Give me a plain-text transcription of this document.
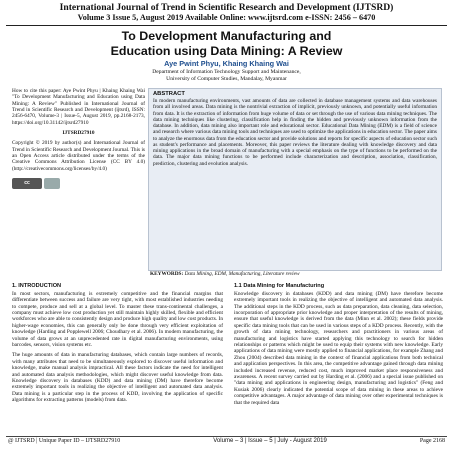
International Journal of Trend in Scientific Research and Development (IJTSRD)
Volume 3 Issue 5, August 2019 Available Online: www.ijtsrd.com e-ISSN: 2456 – 6470
To Development Manufacturing and
Education using Data Mining: A Review
Aye Pwint Phyu, Khaing Khaing Wai
Department of Information Technology Support and Maintenance,
University of Computer Studies, Mandalay, Myanmar

How to cite this paper: Aye Pwint Phyu | Khaing Khaing Wai "To Development Manufacturing and Education using Data Mining: A Review" Published in International Journal of Trend in Scientific Research and Development (ijtsrd), ISSN: 2456-6470, Volume-3 | Issue-5, August 2019, pp.2168-2173, https://doi.org/10.31142/ijtsrd27910

IJTSRD27910

Copyright © 2019 by author(s) and International Journal of Trend in Scientific Research and Development Journal. This is an Open Access article distributed under the terms of the Creative Commons Attribution License (CC BY 4.0) (http://creativecommons.org/licenses/by/4.0)

cc
ABSTRACT

In modern manufacturing environments, vast amounts of data are collected in database management systems and data warehouses from all involved areas. Data mining is the nontrivial extraction of implicit, previously unknown, and potentially useful information from data. It is the extraction of information from huge volume of data or set through the use of various data mining techniques. The data mining techniques like clustering, classification help in finding the hidden and previously unknown information from the database. In addition, data mining also important role and educational sector. Educational Data Mining (EDM) is a field of science and research where various data mining tools and techniques are used to optimize the applications in education sector. The paper aims to analyze the enormous data from the education sector and provide solutions and reports for specific aspects of education sector such as student's performance and placements. Moreover, this paper reviews the literature dealing with knowledge discovery and data mining applications in the broad domain of manufacturing with a special emphasis on the type of functions to be performed on the data. The major data mining functions to be performed include characterization and description, association, classification, prediction, clustering and evolution analysis.

KEYWORDS: Data Mining, EDM, Manufacturing, Literature review
1. INTRODUCTION

In most sectors, manufacturing is extremely competitive and the financial margins that differentiate between success and failure are very tight, with most established industries needing to compete, produce and sell at a global level. To master these trans-continental challenges, a company must achieve low cost production yet still maintain highly skilled, flexible and efficient workforces who are able to consistently design and produce high quality and low cost products. In higher-wage economies, this can generally only be done through very efficient exploitation of knowledge (Harding and Popplewell 2006; Choudhary et al. 2006). In modern manufacturing, the volume of data grows at an unprecedented rate in digital manufacturing environments, using barcodes, sensors, vision systems etc.

The huge amounts of data in manufacturing databases, which contain large numbers of records, with many attributes that need to be simultaneously explored to discover useful information and knowledge, make manual analysis impractical. All these factors indicate the need for intelligent and automated data analysis methodologies, which might discover useful knowledge from data. Knowledge discovery in databases (KDD) and data mining (DM) have therefore become extremely important tools in realizing the objective of intelligent and automated data analysis. Data mining is a particular step in the process of KDD, involving the application of specific algorithms for extracting patterns (models) from data.

1.1 Data Mining for Manufacturing

Knowledge discovery in databases (KDD) and data mining (DM) have therefore become extremely important tools in realizing the objective of intelligent and automated data analysis. The additional steps in the KDD process, such as data preparation, data cleaning, data selection, incorporation of appropriate prior knowledge and proper interpretation of the results of mining, ensure that useful knowledge is derived from the data (Minn et al. 2002); these fields provide specific data mining tools that can be used in various steps of a KDD process. Recently, with the growth of data mining technology, researchers and practitioners in various areas of manufacturing and logistics have started applying this technology to search for hidden relationships or patterns which might be used to equip their systems with new knowledge. Early applications of data mining were mostly applied to financial applications, for example Zhang and Zhou (2004) described data mining in the context of financial applications from both technical and application perspectives. In this area, the competitive advantage gained through data mining included increased revenue, reduced cost, much improved market place responsiveness and awareness. A recent survey carried out by Harding et al. (2006) and a special issue published on "data mining and applications in engineering design, manufacturing and logistics" (Feng and Kusiak 2006) clearly indicated the potential scope of data mining in these areas to achieve competitive advantages. A major advantage of data mining over other experimental techniques is that the required data

@ IJTSRD | Unique Paper ID – IJTSRD27910	Volume – 3 | Issue – 5 | July - August 2019	Page 2168
